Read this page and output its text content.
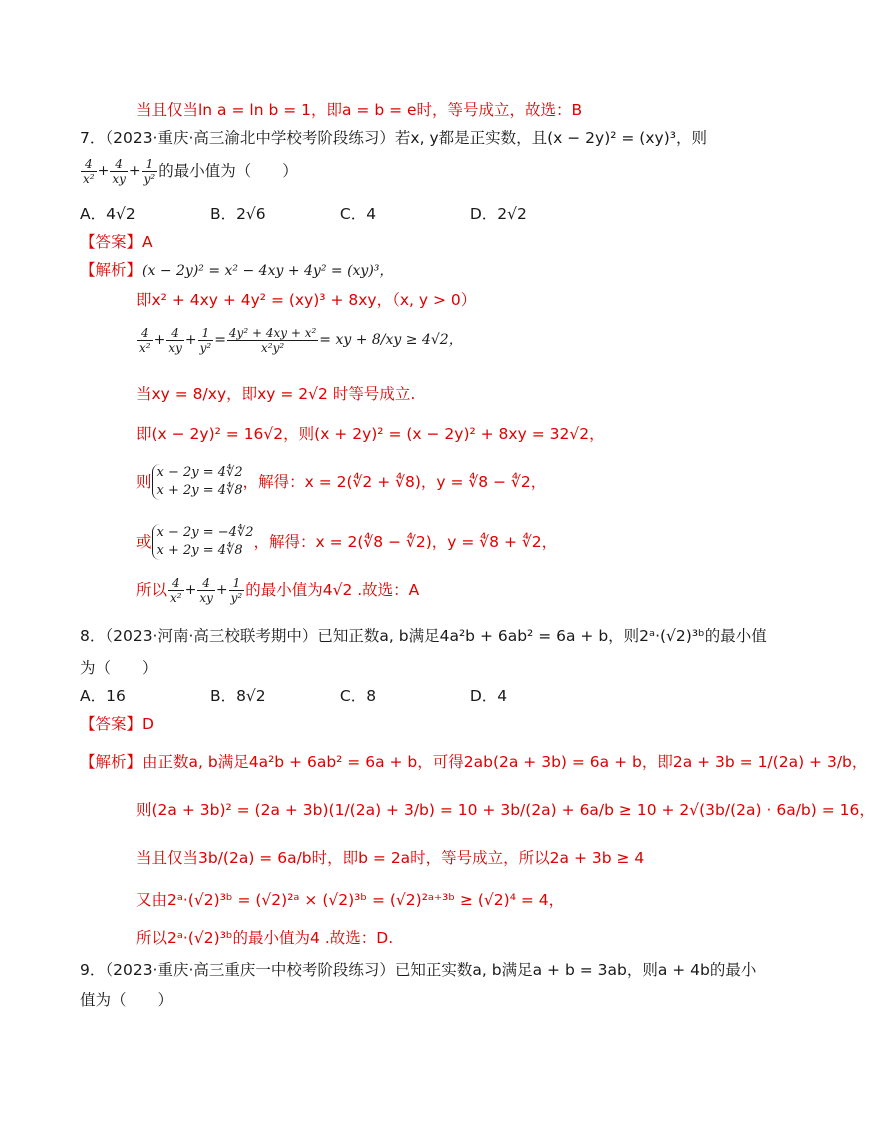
当且仅当ln a = ln b = 1，即a = b = e时，等号成立，故选：B
7．（2023·重庆·高三渝北中学校考阶段练习）若x, y都是正实数，且(x − 2y)² = (xy)³，则
$\frac{4}{\text{x²}} + \frac{4}{xy} + \frac{1}{\text{y²}}$ 的最小值为（　　）
A．4√2	B．2√6	C．4	D．2√2
【答案】A
【解析】(x − 2y)² = x² − 4xy + 4y² = (xy)³，
即x² + 4xy + 4y² = (xy)³ + 8xy，（x, y > 0）
$\frac{4}{\text{x²}} + \frac{4}{xy} + \frac{1}{\text{y²}} = \frac{\text{4y² + 4xy + x²}}{\text{x²y²}}$ = xy + 8/xy ≥ 4√2，
当xy = 8/xy，即xy = 2√2 时等号成立.
即(x − 2y)² = 16√2，则(x + 2y)² = (x − 2y)² + 8xy = 32√2，
则
x − 2y = 4∜2
x + 2y = 4∜8 ，解得：x = 2(∜2 + ∜8)，y = ∜8 − ∜2，
或
x − 2y = −4∜2
x + 2y = 4∜8 ，解得：x = 2(∜8 − ∜2)，y = ∜8 + ∜2，
所以 $\frac{4}{\text{x²}} + \frac{4}{xy} + \frac{1}{\text{y²}}$ 的最小值为4√2 .故选：A
8．（2023·河南·高三校联考期中）已知正数a, b满足4a²b + 6ab² = 6a + b，则2ᵃ·(√2)³ᵇ的最小值
为（　　）
A．16	B．8√2	C．8	D．4
【答案】D
【解析】由正数a, b满足4a²b + 6ab² = 6a + b，可得2ab(2a + 3b) = 6a + b，即2a + 3b = 1/(2a) + 3/b，
则(2a + 3b)² = (2a + 3b)(1/(2a) + 3/b) = 10 + 3b/(2a) + 6a/b ≥ 10 + 2√(3b/(2a) · 6a/b) = 16，
当且仅当3b/(2a) = 6a/b时，即b = 2a时，等号成立，所以2a + 3b ≥ 4
又由2ᵃ·(√2)³ᵇ = (√2)²ᵃ × (√2)³ᵇ = (√2)²ᵃ⁺³ᵇ ≥ (√2)⁴ = 4，
所以2ᵃ·(√2)³ᵇ的最小值为4 .故选：D.
9．（2023·重庆·高三重庆一中校考阶段练习）已知正实数a, b满足a + b = 3ab，则a + 4b的最小
值为（　　）
